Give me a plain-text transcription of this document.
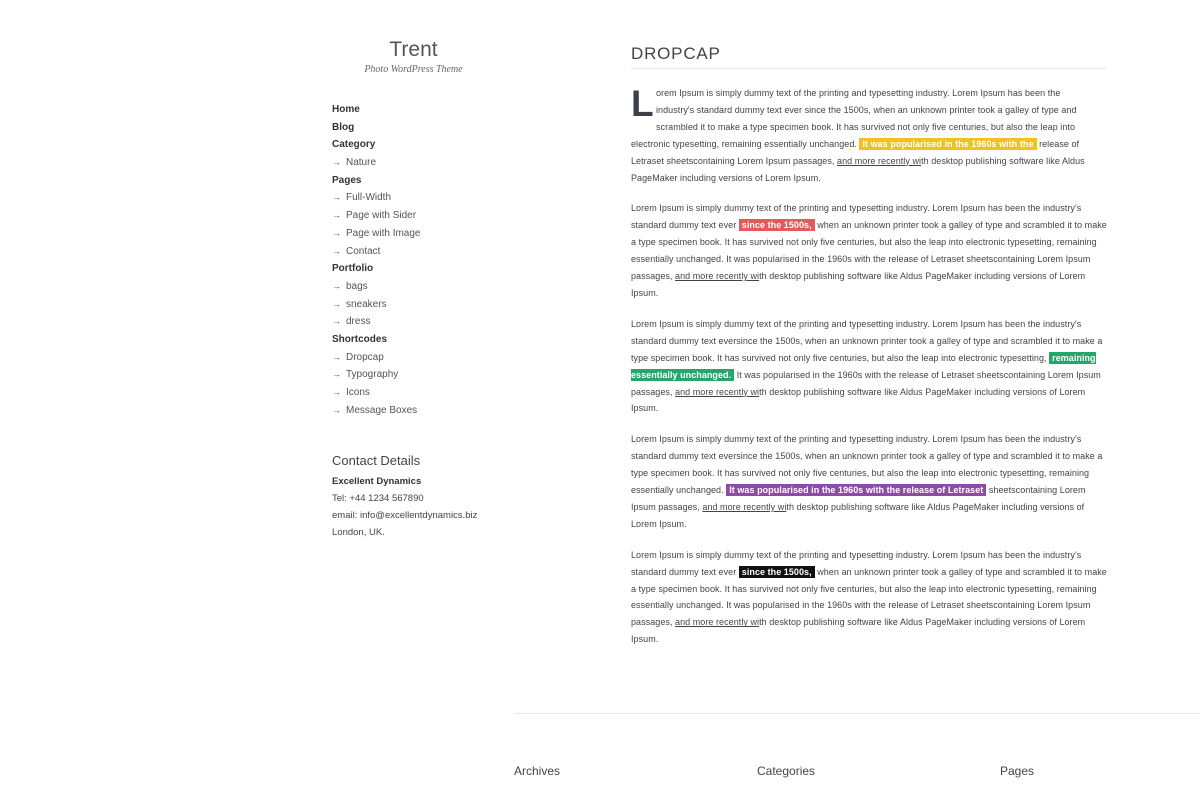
Trent
Photo WordPress Theme
Home
Blog
Category
→ Nature
Pages
→ Full-Width
→ Page with Sider
→ Page with Image
→ Contact
Portfolio
→ bags
→ sneakers
→ dress
Shortcodes
→ Dropcap
→ Typography
→ Icons
→ Message Boxes
Contact Details

Excellent Dynamics

Tel: +44 1234 567890

email: info@excellentdynamics.biz

London, UK.

DROPCAP

L orem Ipsum is simply dummy text of the printing and typesetting industry. Lorem Ipsum has been the
industry's standard dummy text ever since the 1500s, when an unknown printer took a galley of type and
scrambled it to make a type specimen book. It has survived not only five centuries, but also the leap into
electronic typesetting, remaining essentially unchanged. It was popularised in the 1960s with the release of Letraset sheetscontaining Lorem Ipsum passages, and more recently with desktop publishing software like Aldus PageMaker including versions of Lorem Ipsum.

Lorem Ipsum is simply dummy text of the printing and typesetting industry. Lorem Ipsum has been the industry's standard dummy text ever since the 1500s, when an unknown printer took a galley of type and scrambled it to make a type specimen book. It has survived not only five centuries, but also the leap into electronic typesetting, remaining essentially unchanged. It was popularised in the 1960s with the release of Letraset sheetscontaining Lorem Ipsum passages, and more recently with desktop publishing software like Aldus PageMaker including versions of Lorem Ipsum.

Lorem Ipsum is simply dummy text of the printing and typesetting industry. Lorem Ipsum has been the industry's standard dummy text eversince the 1500s, when an unknown printer took a galley of type and scrambled it to make a type specimen book. It has survived not only five centuries, but also the leap into electronic typesetting, remaining essentially unchanged. It was popularised in the 1960s with the release of Letraset sheetscontaining Lorem Ipsum passages, and more recently with desktop publishing software like Aldus PageMaker including versions of Lorem Ipsum.

Lorem Ipsum is simply dummy text of the printing and typesetting industry. Lorem Ipsum has been the industry's standard dummy text eversince the 1500s, when an unknown printer took a galley of type and scrambled it to make a type specimen book. It has survived not only five centuries, but also the leap into electronic typesetting, remaining essentially unchanged. It was popularised in the 1960s with the release of Letraset sheetscontaining Lorem Ipsum passages, and more recently with desktop publishing software like Aldus PageMaker including versions of Lorem Ipsum.

Lorem Ipsum is simply dummy text of the printing and typesetting industry. Lorem Ipsum has been the industry's standard dummy text ever since the 1500s, when an unknown printer took a galley of type and scrambled it to make a type specimen book. It has survived not only five centuries, but also the leap into electronic typesetting, remaining essentially unchanged. It was popularised in the 1960s with the release of Letraset sheetscontaining Lorem Ipsum passages, and more recently with desktop publishing software like Aldus PageMaker including versions of Lorem Ipsum.

Archives	Categories	Pages
